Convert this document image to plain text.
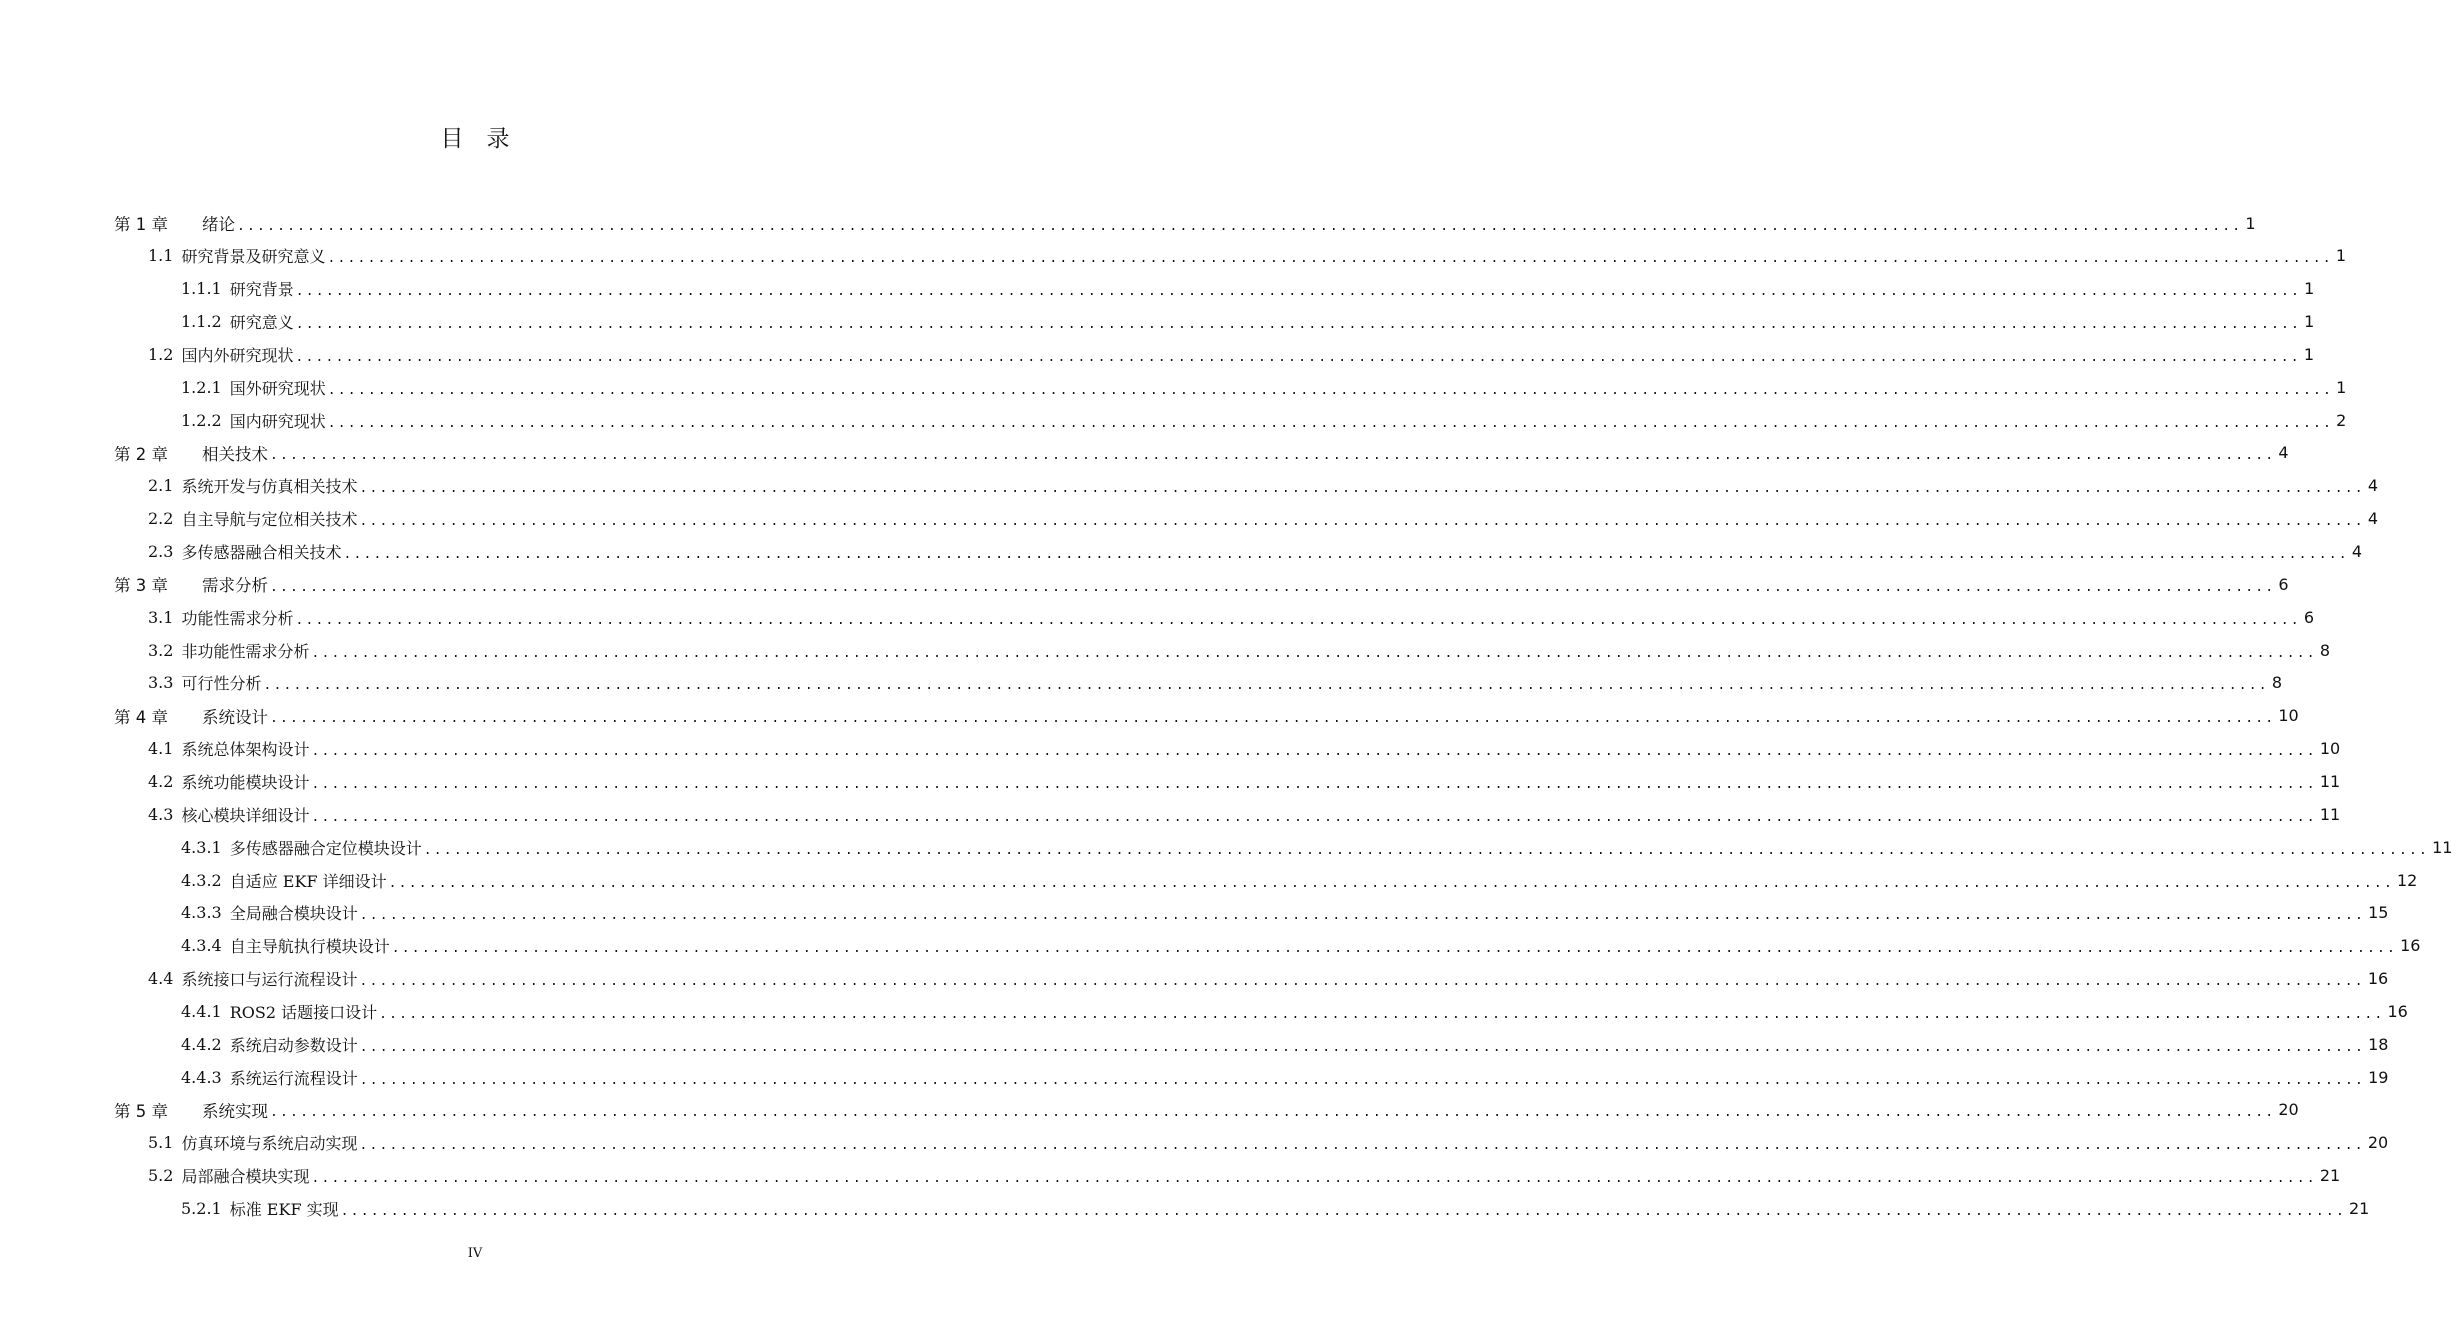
目　录
第 1 章	绪论 ........................................................................................................................................................................................................ 1
1.1 研究背景及研究意义 ........................................................................................................................................................................................................ 1
1.1.1 研究背景 ........................................................................................................................................................................................................ 1
1.1.2 研究意义 ........................................................................................................................................................................................................ 1
1.2 国内外研究现状 ........................................................................................................................................................................................................ 1
1.2.1 国外研究现状 ........................................................................................................................................................................................................ 1
1.2.2 国内研究现状 ........................................................................................................................................................................................................ 2
第 2 章	相关技术 ........................................................................................................................................................................................................ 4
2.1 系统开发与仿真相关技术 ........................................................................................................................................................................................................ 4
2.2 自主导航与定位相关技术 ........................................................................................................................................................................................................ 4
2.3 多传感器融合相关技术 ........................................................................................................................................................................................................ 4
第 3 章	需求分析 ........................................................................................................................................................................................................ 6
3.1 功能性需求分析 ........................................................................................................................................................................................................ 6
3.2 非功能性需求分析 ........................................................................................................................................................................................................ 8
3.3 可行性分析 ........................................................................................................................................................................................................ 8
第 4 章	系统设计 ........................................................................................................................................................................................................ 10
4.1 系统总体架构设计 ........................................................................................................................................................................................................ 10
4.2 系统功能模块设计 ........................................................................................................................................................................................................ 11
4.3 核心模块详细设计 ........................................................................................................................................................................................................ 11
4.3.1 多传感器融合定位模块设计 ........................................................................................................................................................................................................ 11
4.3.2 自适应 EKF 详细设计 ........................................................................................................................................................................................................ 12
4.3.3 全局融合模块设计 ........................................................................................................................................................................................................ 15
4.3.4 自主导航执行模块设计 ........................................................................................................................................................................................................ 16
4.4 系统接口与运行流程设计 ........................................................................................................................................................................................................ 16
4.4.1 ROS2 话题接口设计 ........................................................................................................................................................................................................ 16
4.4.2 系统启动参数设计 ........................................................................................................................................................................................................ 18
4.4.3 系统运行流程设计 ........................................................................................................................................................................................................ 19
第 5 章	系统实现 ........................................................................................................................................................................................................ 20
5.1 仿真环境与系统启动实现 ........................................................................................................................................................................................................ 20
5.2 局部融合模块实现 ........................................................................................................................................................................................................ 21
5.2.1 标准 EKF 实现 ........................................................................................................................................................................................................ 21
IV
